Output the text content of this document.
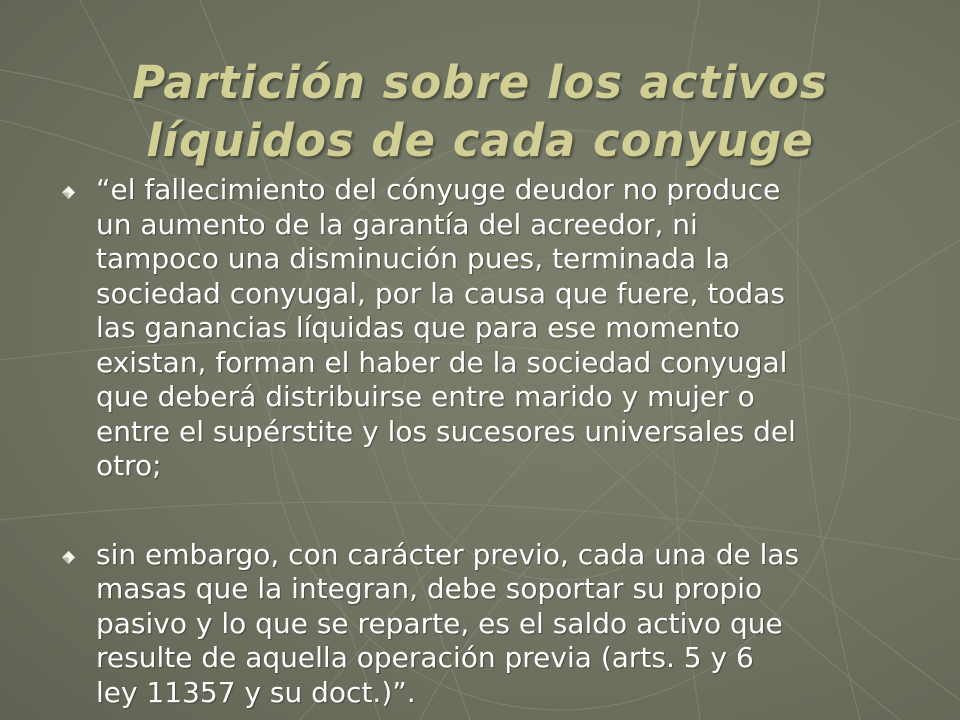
Partición sobre los activos
líquidos de cada conyuge
“el fallecimiento del cónyuge deudor no produce
un aumento de la garantía del acreedor, ni
tampoco una disminución pues, terminada la
sociedad conyugal, por la causa que fuere, todas
las ganancias líquidas que para ese momento
existan, forman el haber de la sociedad conyugal
que deberá distribuirse entre marido y mujer o
entre el supérstite y los sucesores universales del
otro;
sin embargo, con carácter previo, cada una de las
masas que la integran, debe soportar su propio
pasivo y lo que se reparte, es el saldo activo que
resulte de aquella operación previa (arts. 5 y 6
ley 11357 y su doct.)”.
